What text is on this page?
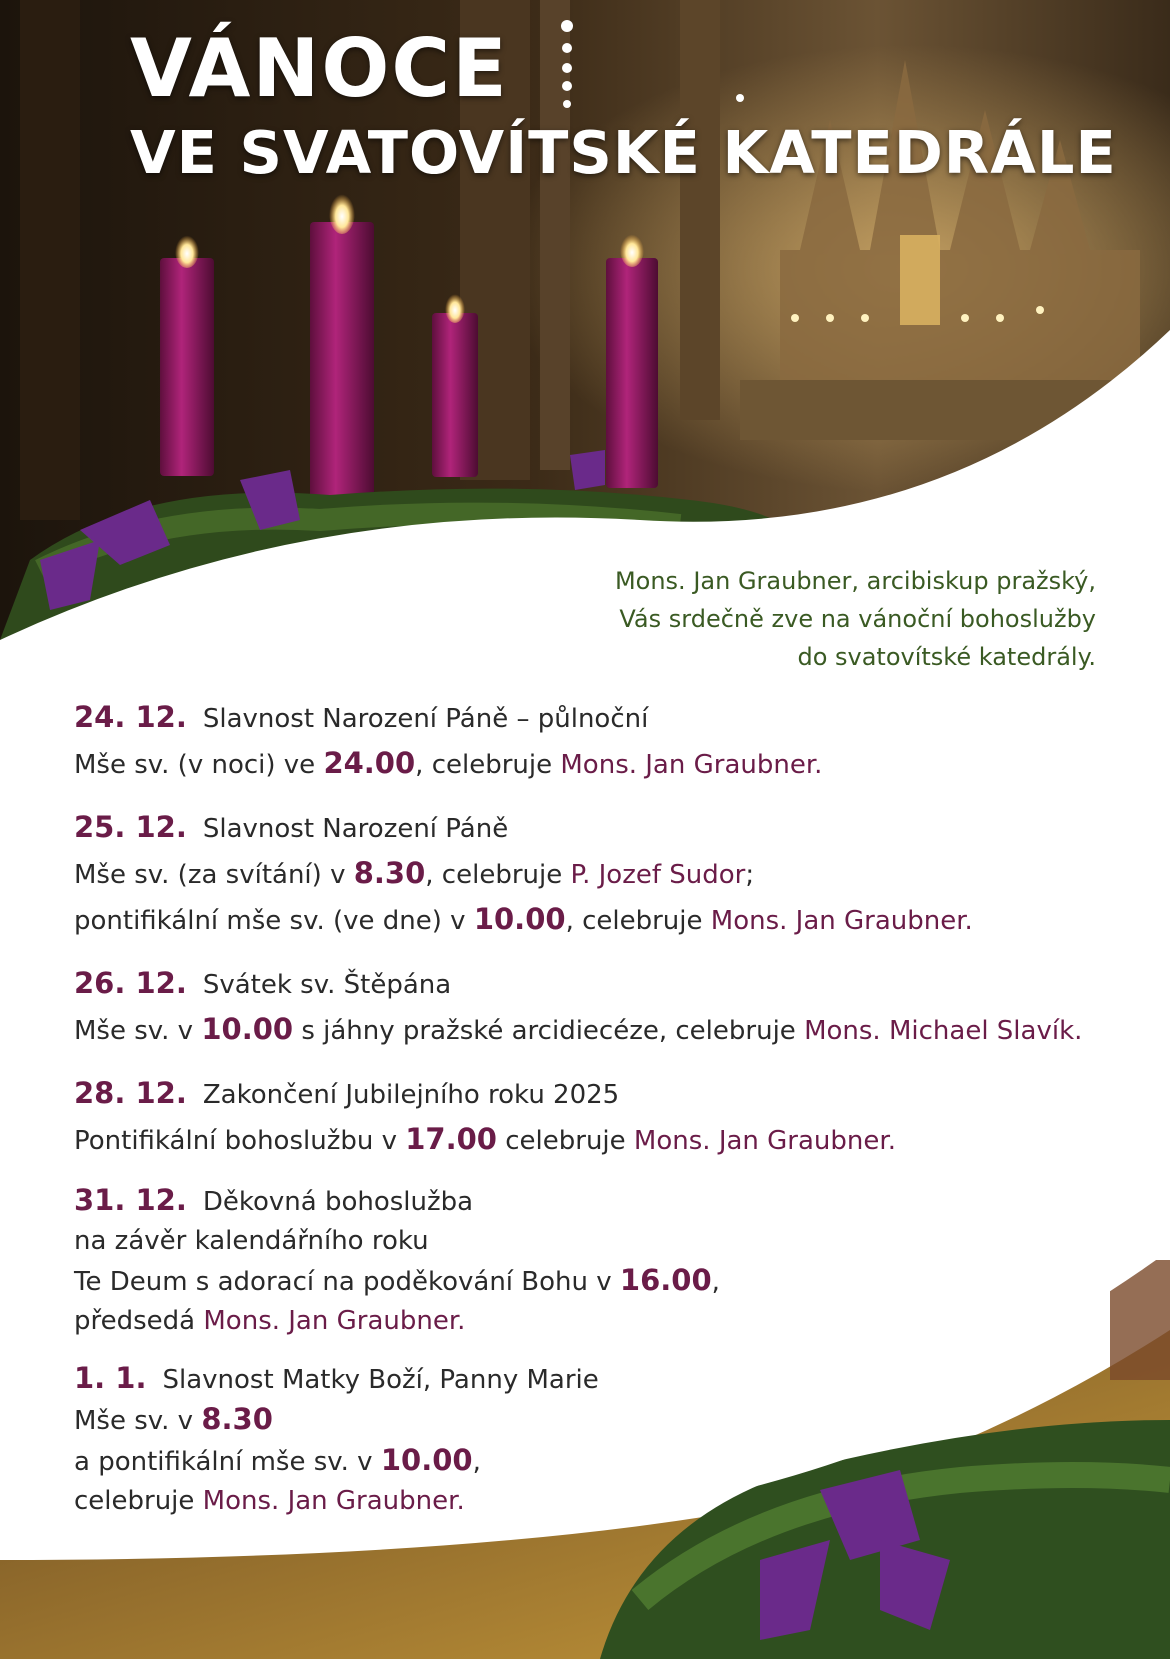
VÁNOCE
VE SVATOVÍTSKÉ KATEDRÁLE
Mons. Jan Graubner, arcibiskup pražský,
Vás srdečně zve na vánoční bohoslužby
do svatovítské katedrály.
24. 12. Slavnost Narození Páně – půlnoční
Mše sv. (v noci) ve 24.00, celebruje Mons. Jan Graubner.
25. 12. Slavnost Narození Páně
Mše sv. (za svítání) v 8.30, celebruje P. Jozef Sudor;
pontifikální mše sv. (ve dne) v 10.00, celebruje Mons. Jan Graubner.
26. 12. Svátek sv. Štěpána
Mše sv. v 10.00 s jáhny pražské arcidiecéze, celebruje Mons. Michael Slavík.
28. 12. Zakončení Jubilejního roku 2025
Pontifikální bohoslužbu v 17.00 celebruje Mons. Jan Graubner.
31. 12. Děkovná bohoslužba
na závěr kalendářního roku
Te Deum s adorací na poděkování Bohu v 16.00,
předsedá Mons. Jan Graubner.
1. 1. Slavnost Matky Boží, Panny Marie
Mše sv. v 8.30
a pontifikální mše sv. v 10.00,
celebruje Mons. Jan Graubner.
